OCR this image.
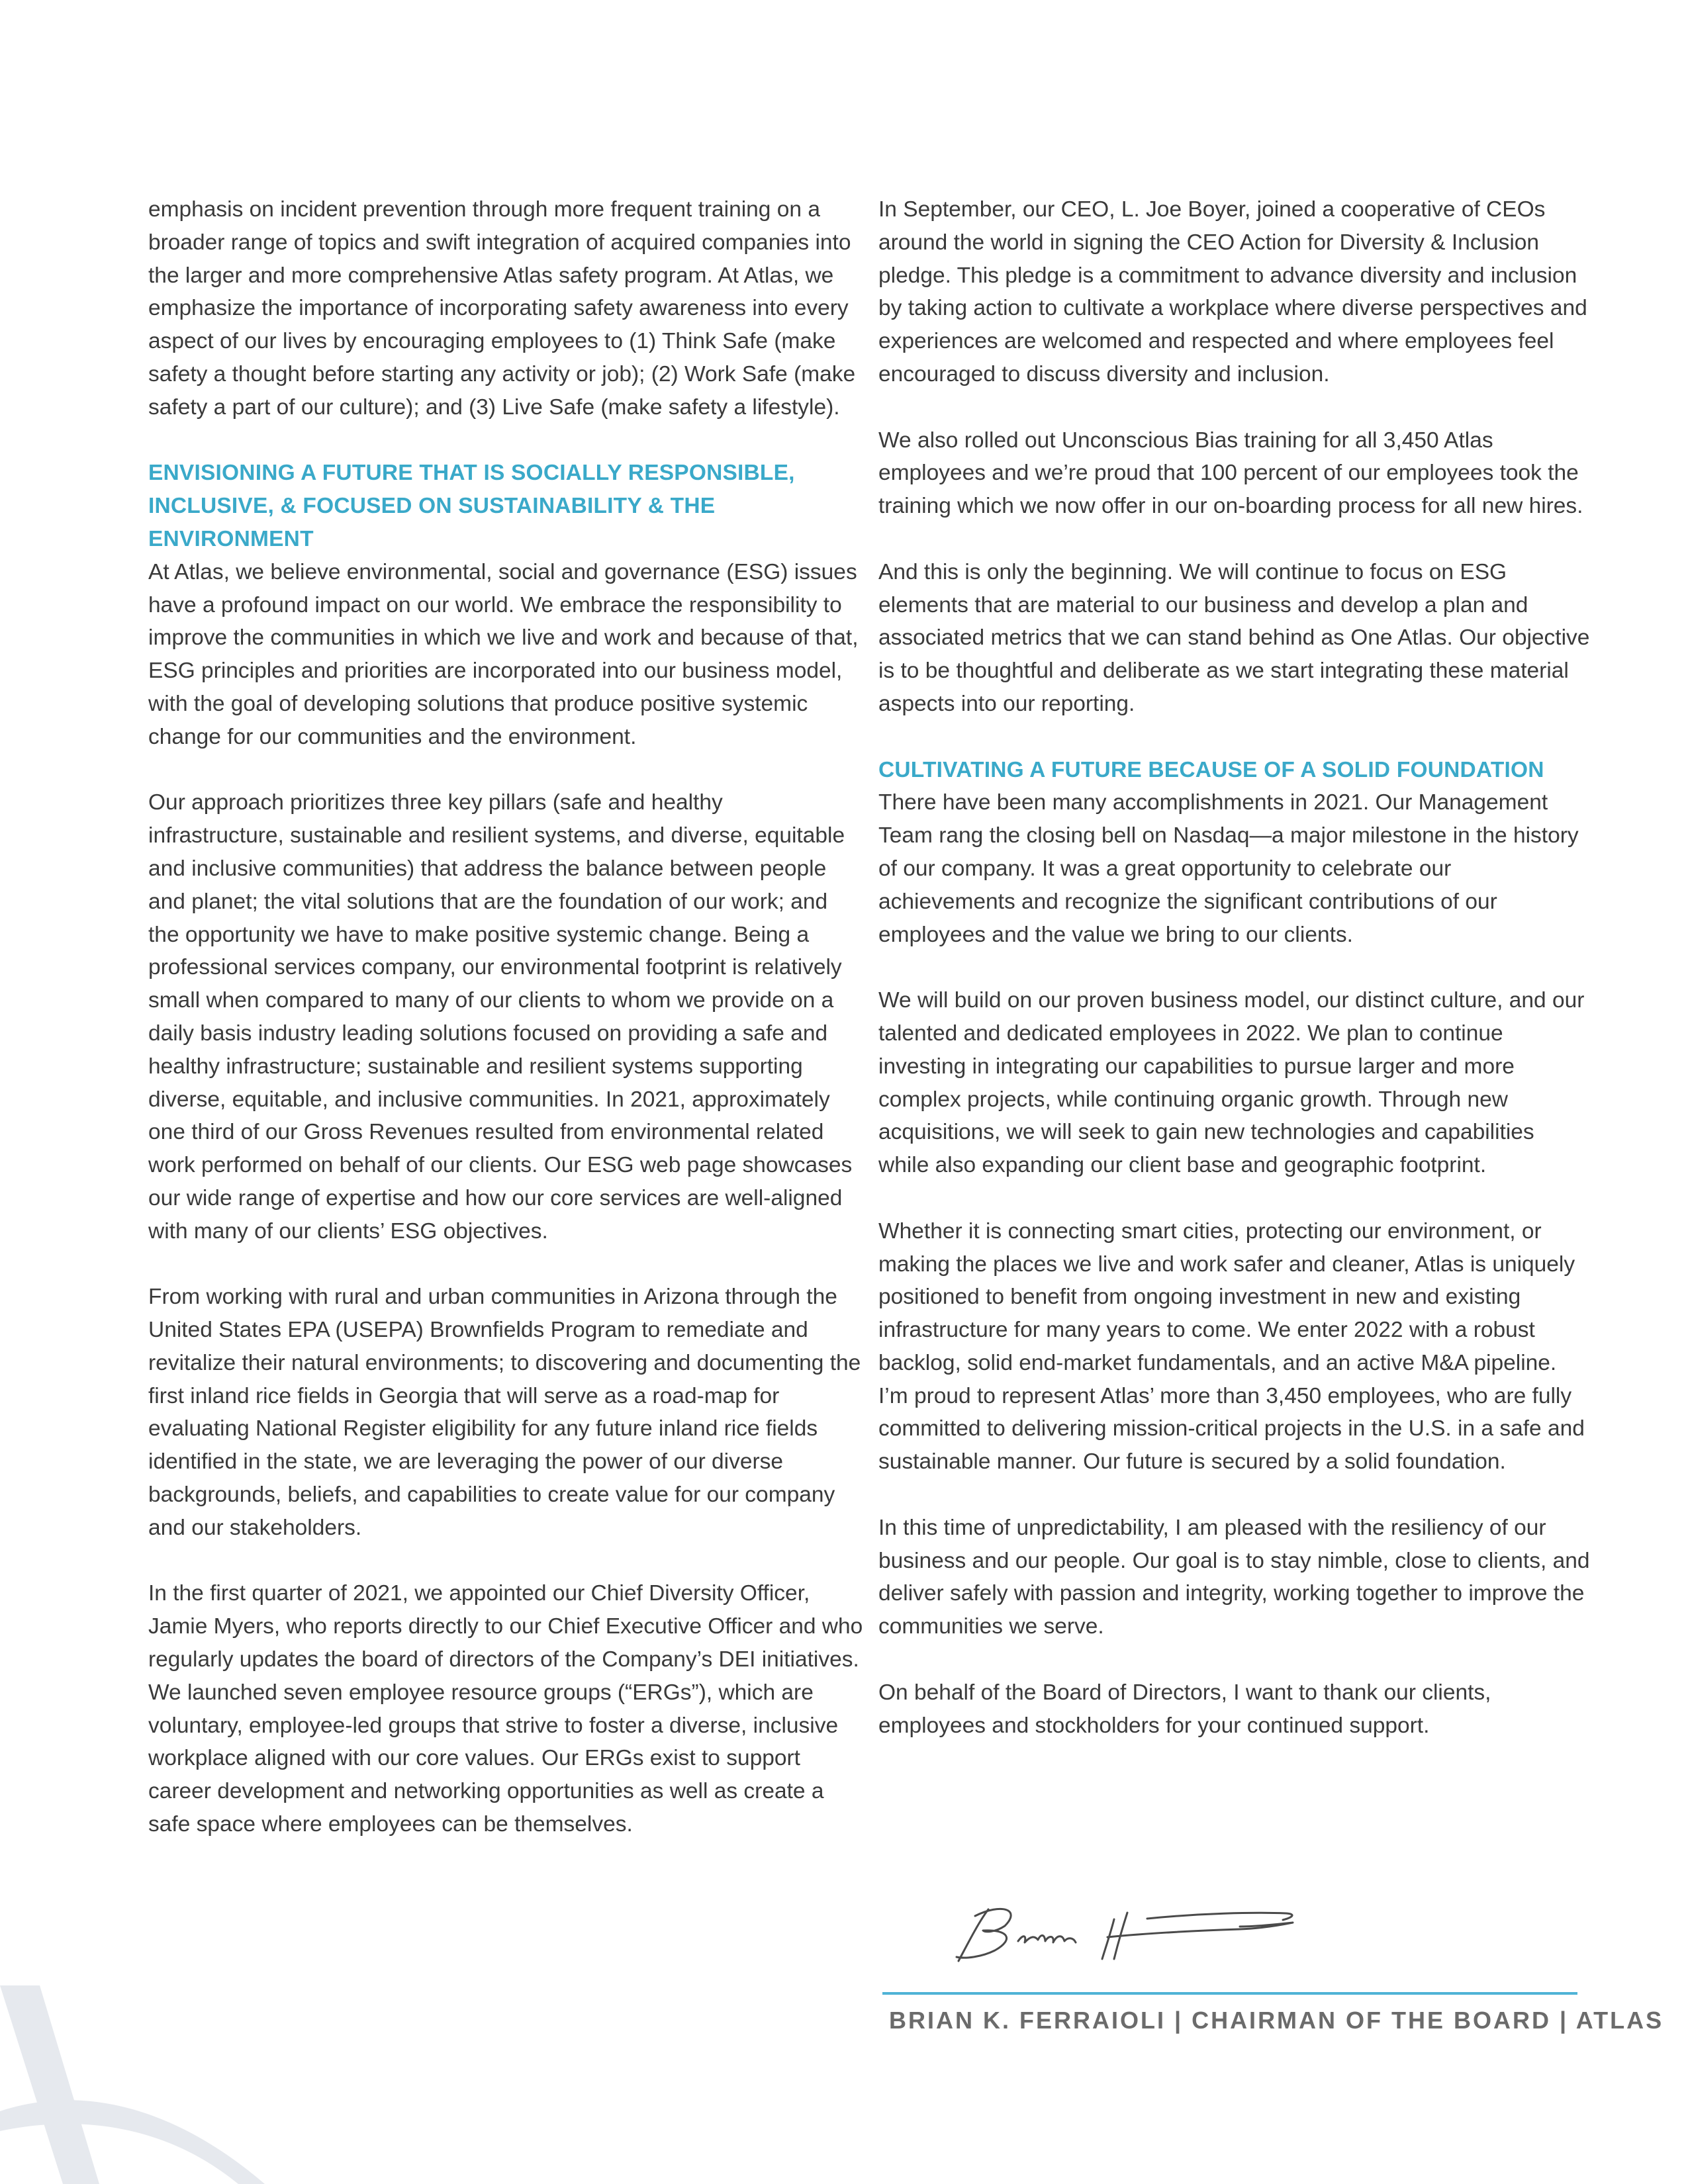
emphasis on incident prevention through more frequent training on a broader range of topics and swift integration of acquired companies into the larger and more comprehensive Atlas safety program. At Atlas, we emphasize the importance of incorporating safety awareness into every aspect of our lives by encouraging employees to (1) Think Safe (make safety a thought before starting any activity or job); (2) Work Safe (make safety a part of our culture); and (3) Live Safe (make safety a lifestyle).

ENVISIONING A FUTURE THAT IS SOCIALLY RESPONSIBLE, INCLUSIVE, & FOCUSED ON SUSTAINABILITY & THE ENVIRONMENT

At Atlas, we believe environmental, social and governance (ESG) issues have a profound impact on our world. We embrace the responsibility to improve the communities in which we live and work and because of that, ESG principles and priorities are incorporated into our business model, with the goal of developing solutions that produce positive systemic change for our communities and the environment.

Our approach prioritizes three key pillars (safe and healthy infrastructure, sustainable and resilient systems, and diverse, equitable and inclusive communities) that address the balance between people and planet; the vital solutions that are the foundation of our work; and the opportunity we have to make positive systemic change. Being a professional services company, our environmental footprint is relatively small when compared to many of our clients to whom we provide on a daily basis industry leading solutions focused on providing a safe and healthy infrastructure; sustainable and resilient systems supporting diverse, equitable, and inclusive communities. In 2021, approximately one third of our Gross Revenues resulted from environmental related work performed on behalf of our clients. Our ESG web page showcases our wide range of expertise and how our core services are well-aligned with many of our clients’ ESG objectives.

From working with rural and urban communities in Arizona through the United States EPA (USEPA) Brownfields Program to remediate and revitalize their natural environments; to discovering and documenting the first inland rice fields in Georgia that will serve as a road-map for evaluating National Register eligibility for any future inland rice fields identified in the state, we are leveraging the power of our diverse backgrounds, beliefs, and capabilities to create value for our company and our stakeholders.

In the first quarter of 2021, we appointed our Chief Diversity Officer, Jamie Myers, who reports directly to our Chief Executive Officer and who regularly updates the board of directors of the Company’s DEI initiatives. We launched seven employee resource groups (“ERGs”), which are voluntary, employee-led groups that strive to foster a diverse, inclusive workplace aligned with our core values. Our ERGs exist to support career development and networking opportunities as well as create a safe space where employees can be themselves.

In September, our CEO, L. Joe Boyer, joined a cooperative of CEOs around the world in signing the CEO Action for Diversity & Inclusion pledge. This pledge is a commitment to advance diversity and inclusion by taking action to cultivate a workplace where diverse perspectives and experiences are welcomed and respected and where employees feel encouraged to discuss diversity and inclusion.

We also rolled out Unconscious Bias training for all 3,450 Atlas employees and we’re proud that 100 percent of our employees took the training which we now offer in our on-boarding process for all new hires.

And this is only the beginning. We will continue to focus on ESG elements that are material to our business and develop a plan and associated metrics that we can stand behind as One Atlas. Our objective is to be thoughtful and deliberate as we start integrating these material aspects into our reporting.

CULTIVATING A FUTURE BECAUSE OF A SOLID FOUNDATION

There have been many accomplishments in 2021. Our Management Team rang the closing bell on Nasdaq—a major milestone in the history of our company. It was a great opportunity to celebrate our achievements and recognize the significant contributions of our employees and the value we bring to our clients.

We will build on our proven business model, our distinct culture, and our talented and dedicated employees in 2022. We plan to continue investing in integrating our capabilities to pursue larger and more complex projects, while continuing organic growth. Through new acquisitions, we will seek to gain new technologies and capabilities while also expanding our client base and geographic footprint.

Whether it is connecting smart cities, protecting our environment, or making the places we live and work safer and cleaner, Atlas is uniquely positioned to benefit from ongoing investment in new and existing infrastructure for many years to come. We enter 2022 with a robust backlog, solid end-market fundamentals, and an active M&A pipeline. I’m proud to represent Atlas’ more than 3,450 employees, who are fully committed to delivering mission-critical projects in the U.S. in a safe and sustainable manner. Our future is secured by a solid foundation.

In this time of unpredictability, I am pleased with the resiliency of our business and our people. Our goal is to stay nimble, close to clients, and deliver safely with passion and integrity, working together to improve the communities we serve.

On behalf of the Board of Directors, I want to thank our clients, employees and stockholders for your continued support.

BRIAN K. FERRAIOLI | CHAIRMAN OF THE BOARD | ATLAS
